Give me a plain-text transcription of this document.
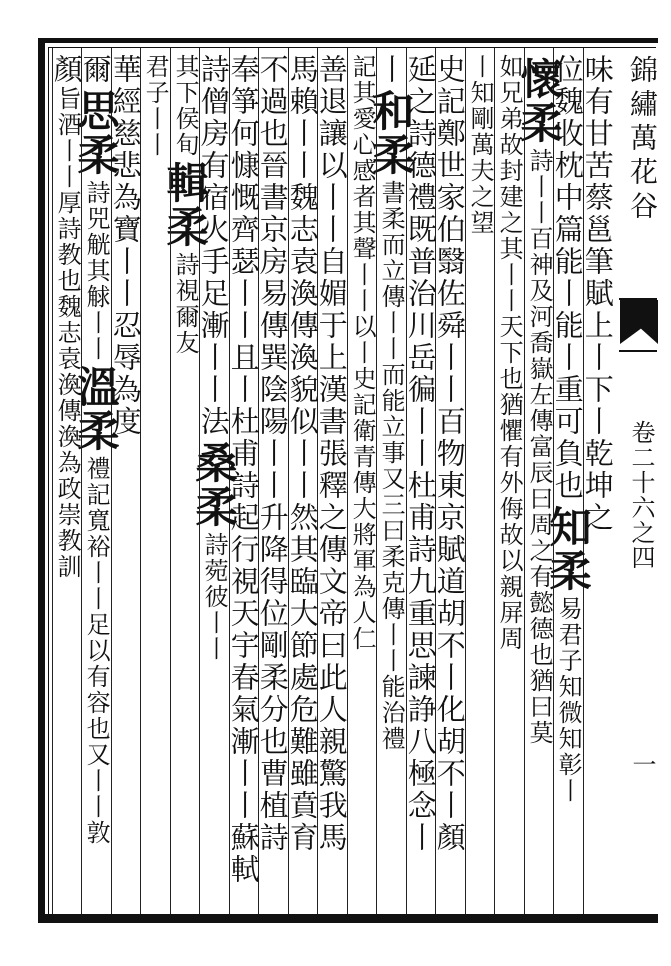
錦繡萬花谷
卷二十六之四
一
味有甘苦蔡邕筆賦上丨下丨乾坤之
位魏收枕中篇能丨能丨重可負也
知柔
易君子知微知彰丨
懷柔
詩丨丨百神及河喬嶽左傳富辰曰周之有懿德也猶曰莫
如兄弟故封建之其丨丨天下也猶懼有外侮故以親屏周
丨知剛萬夫之望
史記鄭世家伯翳佐舜丨丨百物東京賦道胡不丨化胡不丨顏
延之詩德禮既普治川岳徧丨丨杜甫詩九重思諫諍八極念丨
丨
和柔
書柔而立傳丨丨而能立事又三曰柔克傳丨丨能治禮
記其愛心感者其聲丨丨以丨史記衛青傳大將軍為人仁
善退讓以丨丨自媚于上漢書張釋之傳文帝曰此人親驚我馬
馬賴丨丨魏志袁渙傳渙貌似丨丨然其臨大節處危難雖賁育
不過也晉書京房易傳巽陰陽丨丨升降得位剛柔分也曹植詩
奉箏何慷慨齊瑟丨丨且丨杜甫詩起行視天宇春氣漸丨丨蘇軾
詩僧房有宿火手足漸丨丨法
桑柔
詩菀彼丨丨
其下侯旬
輯柔
詩視爾友
君子丨丨
華經慈悲為寶丨丨忍辱為度
爾
思柔
詩兕觥其觩丨丨
溫柔
禮記寬裕丨丨足以有容也又丨丨敦
顏
旨酒丨丨
厚詩教也魏志袁渙傳渙為政崇教訓
